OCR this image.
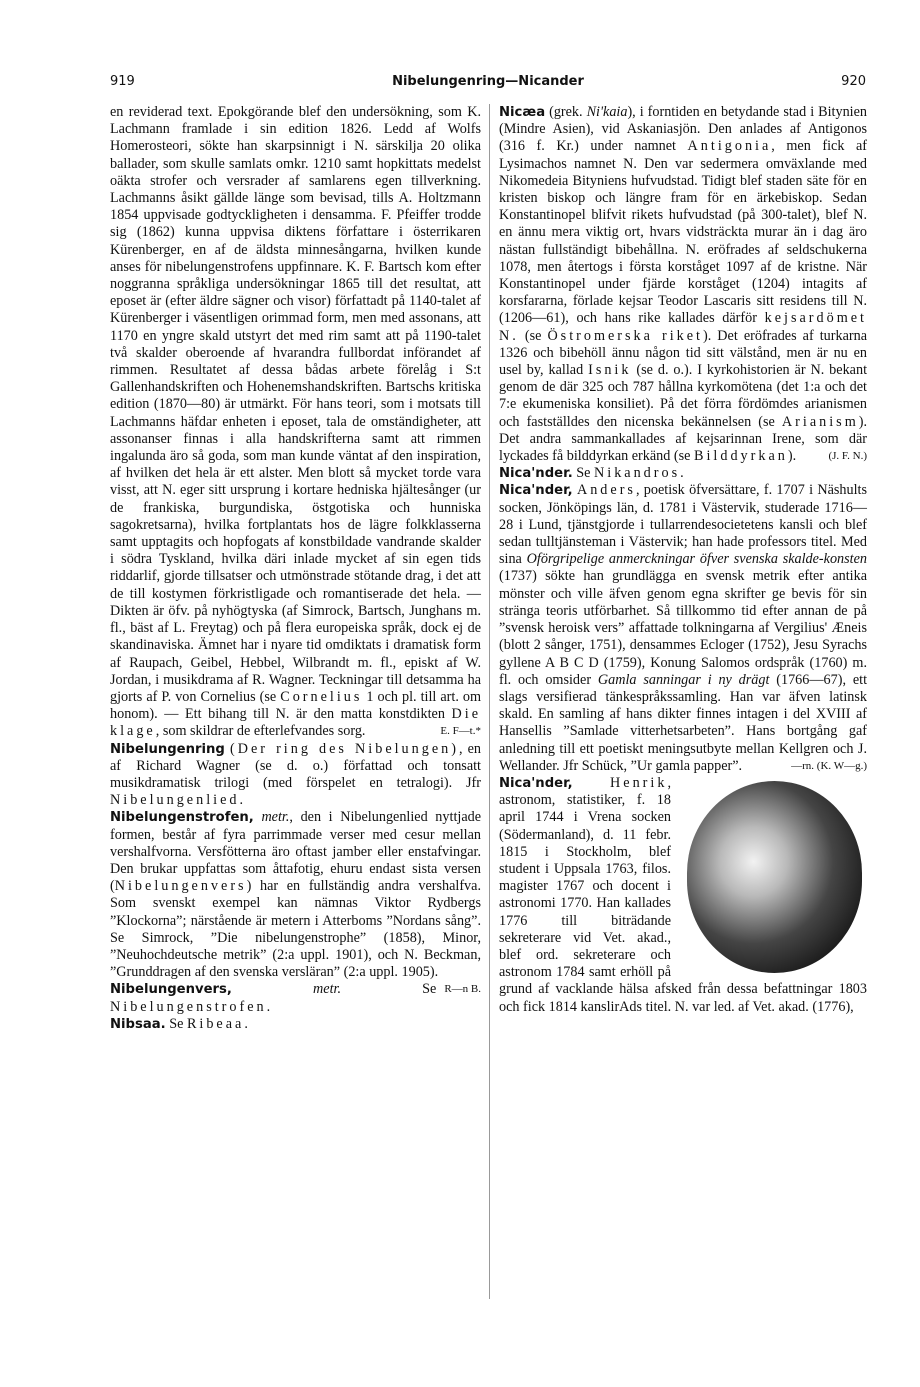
919	Nibelungenring—Nicander	920

en reviderad text. Epokgörande blef den undersökning, som K. Lachmann framlade i sin edition 1826. Ledd af Wolfs Homerosteori, sökte han skarpsinnigt i N. särskilja 20 olika ballader, som skulle samlats omkr. 1210 samt hopkittats medelst oäkta strofer och versrader af samlarens egen tillverkning. Lachmanns åsikt gällde länge som bevisad, tills A. Holtzmann 1854 uppvisade godtyckligheten i densamma. F. Pfeiffer trodde sig (1862) kunna uppvisa diktens författare i österrikaren Kürenberger, en af de äldsta minnesångarna, hvilken kunde anses för nibelungenstrofens uppfinnare. K. F. Bartsch kom efter noggranna språkliga undersökningar 1865 till det resultat, att eposet är (efter äldre sägner och visor) författadt på 1140-talet af Kürenberger i väsentligen orimmad form, men med assonans, att 1170 en yngre skald utstyrt det med rim samt att på 1190-talet två skalder oberoende af hvarandra fullbordat införandet af rimmen. Resultatet af dessa bådas arbete förelåg i S:t Gallenhandskriften och Hohenemshandskriften. Bartschs kritiska edition (1870—80) är utmärkt. För hans teori, som i motsats till Lachmanns häfdar enheten i eposet, tala de omständigheter, att assonanser finnas i alla handskrifterna samt att rimmen ingalunda äro så goda, som man kunde väntat af den inspiration, af hvilken det hela är ett alster. Men blott så mycket torde vara visst, att N. eger sitt ursprung i kortare hedniska hjältesånger (ur de frankiska, burgundiska, östgotiska och hunniska sagokretsarna), hvilka fortplantats hos de lägre folkklasserna samt upptagits och hopfogats af konstbildade vandrande skalder i södra Tyskland, hvilka däri inlade mycket af sin egen tids riddarlif, gjorde tillsatser och utmönstrade stötande drag, i det att de till kostymen förkristligade och romantiserade det hela. — Dikten är öfv. på nyhögtyska (af Simrock, Bartsch, Junghans m. fl., bäst af L. Freytag) och på flera europeiska språk, dock ej de skandinaviska. Ämnet har i nyare tid omdiktats i dramatisk form af Raupach, Geibel, Hebbel, Wilbrandt m. fl., episkt af W. Jordan, i musikdrama af R. Wagner. Teckningar till detsamma ha gjorts af P. von Cornelius (se Cornelius 1 och pl. till art. om honom). — Ett bihang till N. är den matta konstdikten Die klage, som skildrar de efterlefvandes sorg.	E. F—t.*

Nibelungenring (Der ring des Nibelungen), en af Richard Wagner (se d. o.) författad och tonsatt musikdramatisk trilogi (med förspelet en tetralogi). Jfr Nibelungenlied.

Nibelungenstrofen, metr., den i Nibelungenlied nyttjade formen, består af fyra parrimmade verser med cesur mellan vershalfvorna. Versfötterna äro oftast jamber eller enstafvingar. Den brukar uppfattas som åttafotig, ehuru endast sista versen (Nibelungenvers) har en fullständig andra vershalfva. Som svenskt exempel kan nämnas Viktor Rydbergs ”Klockorna”; närstående är metern i Atterboms ”Nordans sång”. Se Simrock, ”Die nibelungenstrophe” (1858), Minor, ”Neuhochdeutsche metrik” (2:a uppl. 1901), och N. Beckman, ”Grunddragen af den svenska versläran” (2:a uppl. 1905).
R—n B.

Nibelungenvers,	metr.	Se Nibelungenstrofen.

Nibsaa. Se Ribeaa.

Nicæa (grek. Ni'kaia), i forntiden en betydande stad i Bitynien (Mindre Asien), vid Askaniasjön. Den anlades af Antigonos (316 f. Kr.) under namnet Antigonia, men fick af Lysimachos namnet N. Den var sedermera omväxlande med Nikomedeia Bityniens hufvudstad. Tidigt blef staden säte för en kristen biskop och längre fram för en ärkebiskop. Sedan Konstantinopel blifvit rikets hufvudstad (på 300-talet), blef N. en ännu mera viktig ort, hvars vidsträckta murar än i dag äro nästan fullständigt bibehållna. N. eröfrades af seldschukerna 1078, men återtogs i första korståget 1097 af de kristne. När Konstantinopel under fjärde korståget (1204) intagits af korsfararna, förlade kejsar Teodor Lascaris sitt residens till N. (1206—61), och hans rike kallades därför kejsardömet N. (se Östromerska riket). Det eröfrades af turkarna 1326 och bibehöll ännu någon tid sitt välstånd, men är nu en usel by, kallad Isnik (se d. o.). I kyrkohistorien är N. bekant genom de där 325 och 787 hållna kyrkomötena (det 1:a och det 7:e ekumeniska konsiliet). På det förra fördömdes arianismen och fastställdes den nicenska bekännelsen (se Arianism). Det andra sammankallades af kejsarinnan Irene, som där lyckades få bilddyrkan erkänd (se Bilddyrkan).	(J. F. N.)

Nica'nder. Se Nikandros.

Nica'nder, Anders, poetisk öfversättare, f. 1707 i Näshults socken, Jönköpings län, d. 1781 i Västervik, studerade 1716—28 i Lund, tjänstgjorde i tullarrendesocietetens kansli och blef sedan tulltjänsteman i Västervik; han hade professors titel. Med sina Oförgripelige anmerckningar öfver svenska skalde-konsten (1737) sökte han grundlägga en svensk metrik efter antika mönster och ville äfven genom egna skrifter ge bevis för sin stränga teoris utförbarhet. Så tillkommo tid efter annan de på ”svensk heroisk vers” affattade tolkningarna af Vergilius' Æneis (blott 2 sånger, 1751), densammes Ecloger (1752), Jesu Syrachs gyllene A B C D (1759), Konung Salomos ordspråk (1760) m. fl. och omsider Gamla sanningar i ny drägt (1766—67), ett slags versifierad tänkespråkssamling. Han var äfven latinsk skald. En samling af hans dikter finnes intagen i del XVIII af Hansellis ”Samlade vitterhetsarbeten”. Hans bortgång gaf anledning till ett poetiskt meningsutbyte mellan Kellgren och J. Wellander. Jfr Schück, ”Ur gamla papper”.	—rn. (K. W—g.)

Nica'nder,	Henrik, astronom, statistiker, f. 18 april 1744 i Vrena socken (Södermanland), d. 11 febr. 1815 i Stockholm, blef student i Uppsala 1763, filos. magister 1767 och docent i astronomi 1770. Han kallades 1776 till biträdande sekreterare vid Vet. akad., blef ord. sekreterare och astronom 1784 samt erhöll på grund af vacklande hälsa afsked från dessa befattningar 1803 och fick 1814 kanslirАds titel. N. var led. af Vet. akad. (1776),
